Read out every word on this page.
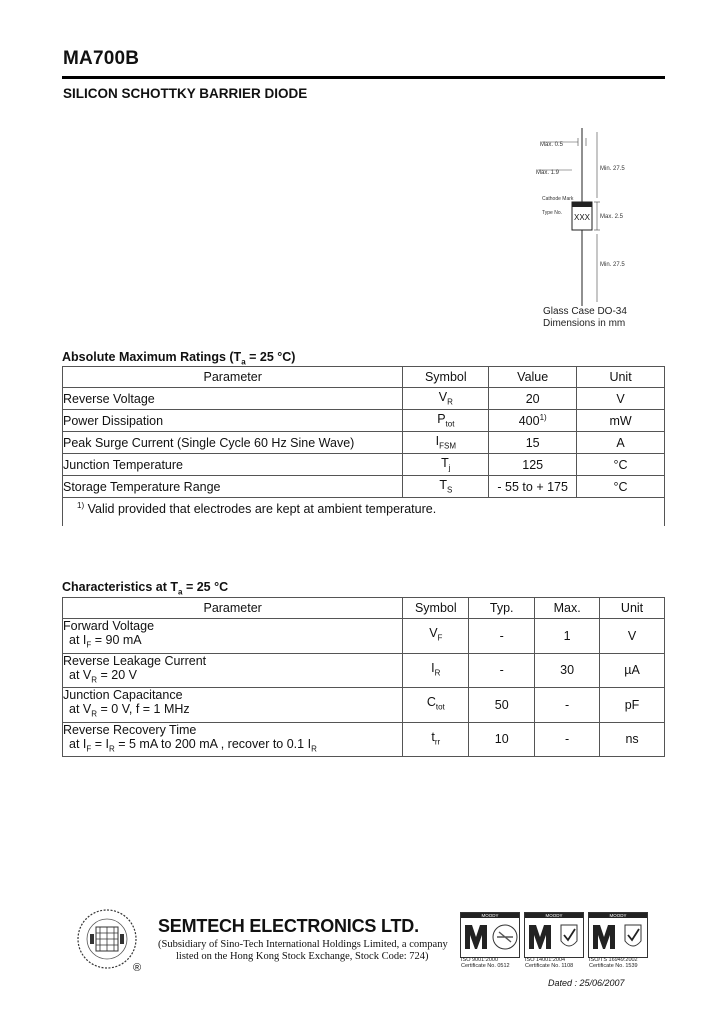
MA700B
SILICON SCHOTTKY BARRIER DIODE
Max. 0.5
Max. 1.9
Min. 27.5
Cathode Mark
Type No. XXX Max. 2.5
Min. 27.5
Glass Case DO-34
Dimensions in mm
Absolute Maximum Ratings ($T_a = 25$ °C)
Parameter	Symbol	Value	Unit
Reverse Voltage	$V_R$	20	V
Power Dissipation	$P_{tot}$	400$^{1)}$	mW
Peak Surge Current (Single Cycle 60 Hz Sine Wave)	$I_{FSM}$	15	A
Junction Temperature	$T_j$	125	°C
Storage Temperature Range	$T_S$	- 55 to + 175	°C
$^{1)}$ Valid provided that electrodes are kept at ambient temperature.			
Characteristics at $T_a = 25$ °C
Parameter	Symbol	Typ.	Max.	Unit

Forward Voltage
at $I_F = 90$ mA	$V_F$	-	1	V

Reverse Leakage Current
at $V_R = 20$ V	$I_R$	-	30	µA

Junction Capacitance
at $V_R = 0$ V, f = 1 MHz	$C_{tot}$	50	-	pF

Reverse Recovery Time
at $I_F = I_R = 5$ mA to 200 mA , recover to 0.1 $I_R$	$t_{rr}$	10	-	ns
®
SEMTECH ELECTRONICS LTD.
(Subsidiary of Sino-Tech International Holdings Limited, a company
listed on the Hong Kong Stock Exchange, Stock Code: 724)
MOODY
ISO 9001:2000
Certificate No. 0512
MOODY
ISO 14001:2004
Certificate No. 1108
MOODY
ISO/TS 16949:2002
Certificate No. 1539
Dated : 25/06/2007
